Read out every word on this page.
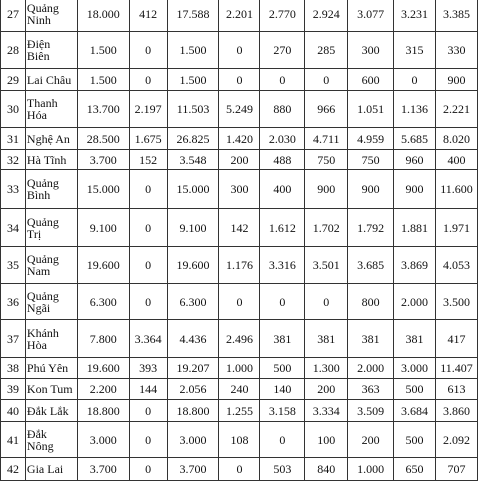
27	Quảng
Ninh	18.000	412	17.588	2.201	2.770	2.924	3.077	3.231	3.385
28	Điện
Biên	1.500	0	1.500	0	270	285	300	315	330
29	Lai Châu	1.500	0	1.500	0	0	0	600	0	900
30	Thanh
Hóa	13.700	2.197	11.503	5.249	880	966	1.051	1.136	2.221
31	Nghệ An	28.500	1.675	26.825	1.420	2.030	4.711	4.959	5.685	8.020
32	Hà Tĩnh	3.700	152	3.548	200	488	750	750	960	400
33	Quảng
Bình	15.000	0	15.000	300	400	900	900	900	11.600
34	Quảng
Trị	9.100	0	9.100	142	1.612	1.702	1.792	1.881	1.971
35	Quảng
Nam	19.600	0	19.600	1.176	3.316	3.501	3.685	3.869	4.053
36	Quảng
Ngãi	6.300	0	6.300	0	0	0	800	2.000	3.500
37	Khánh
Hòa	7.800	3.364	4.436	2.496	381	381	381	381	417
38	Phú Yên	19.600	393	19.207	1.000	500	1.300	2.000	3.000	11.407
39	Kon Tum	2.200	144	2.056	240	140	200	363	500	613
40	Đắk Lắk	18.800	0	18.800	1.255	3.158	3.334	3.509	3.684	3.860
41	Đắk
Nông	3.000	0	3.000	108	0	100	200	500	2.092
42	Gia Lai	3.700	0	3.700	0	503	840	1.000	650	707
